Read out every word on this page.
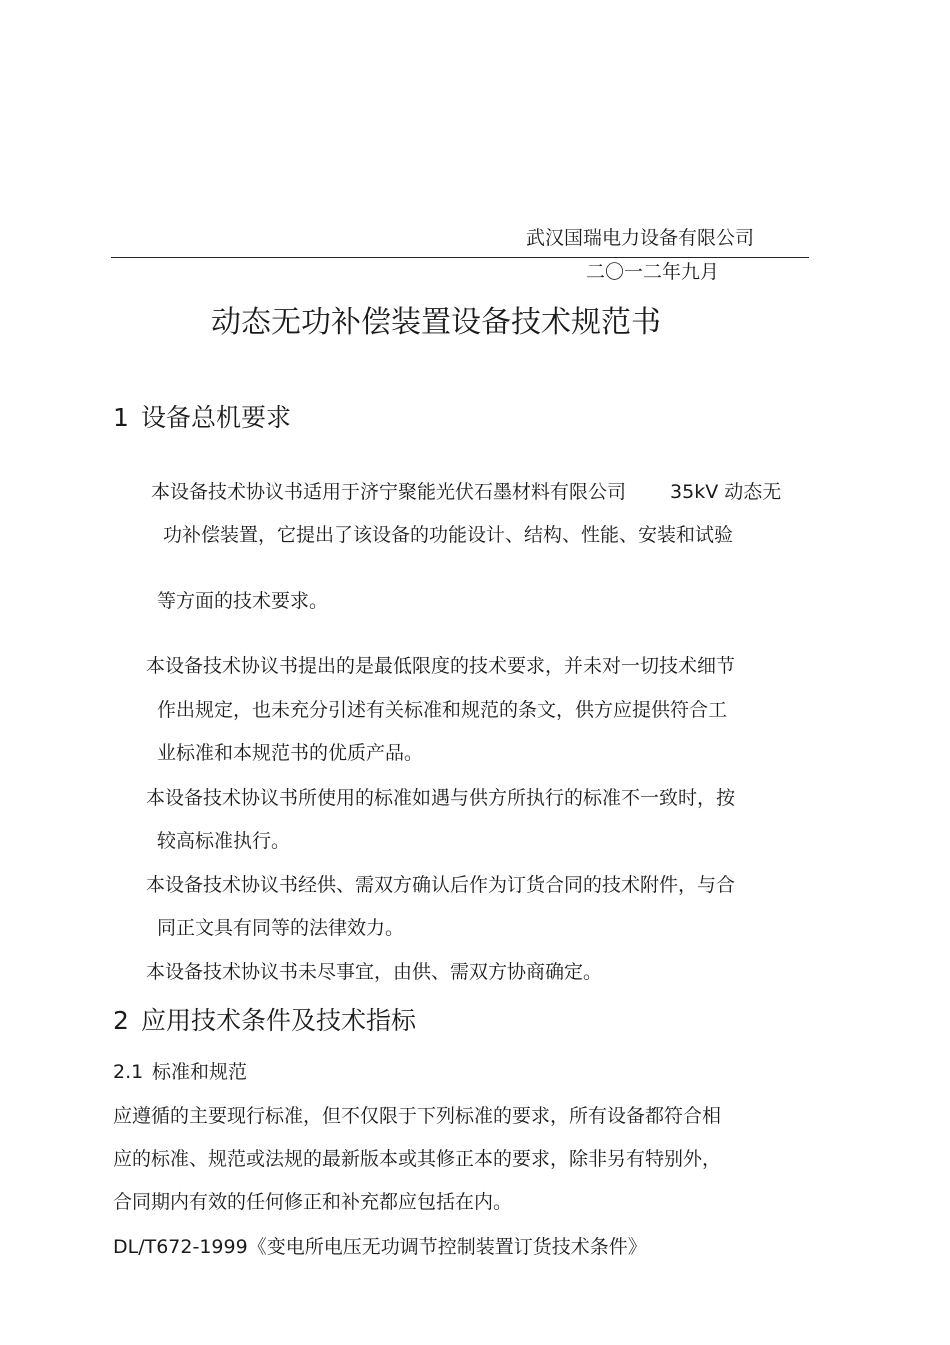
武汉国瑞电力设备有限公司
二〇一二年九月
动态无功补偿装置设备技术规范书
1 设备总机要求
本设备技术协议书适用于济宁聚能光伏石墨材料有限公司 35kV 动态无
功补偿装置，它提出了该设备的功能设计、结构、性能、安装和试验
等方面的技术要求。
本设备技术协议书提出的是最低限度的技术要求，并未对一切技术细节
作出规定，也未充分引述有关标准和规范的条文，供方应提供符合工
业标准和本规范书的优质产品。
本设备技术协议书所使用的标准如遇与供方所执行的标准不一致时，按
较高标准执行。
本设备技术协议书经供、需双方确认后作为订货合同的技术附件，与合
同正文具有同等的法律效力。
本设备技术协议书未尽事宜，由供、需双方协商确定。
2 应用技术条件及技术指标
2.1 标准和规范
应遵循的主要现行标准，但不仅限于下列标准的要求，所有设备都符合相
应的标准、规范或法规的最新版本或其修正本的要求，除非另有特别外，
合同期内有效的任何修正和补充都应包括在内。
DL/T672-1999《变电所电压无功调节控制装置订货技术条件》
